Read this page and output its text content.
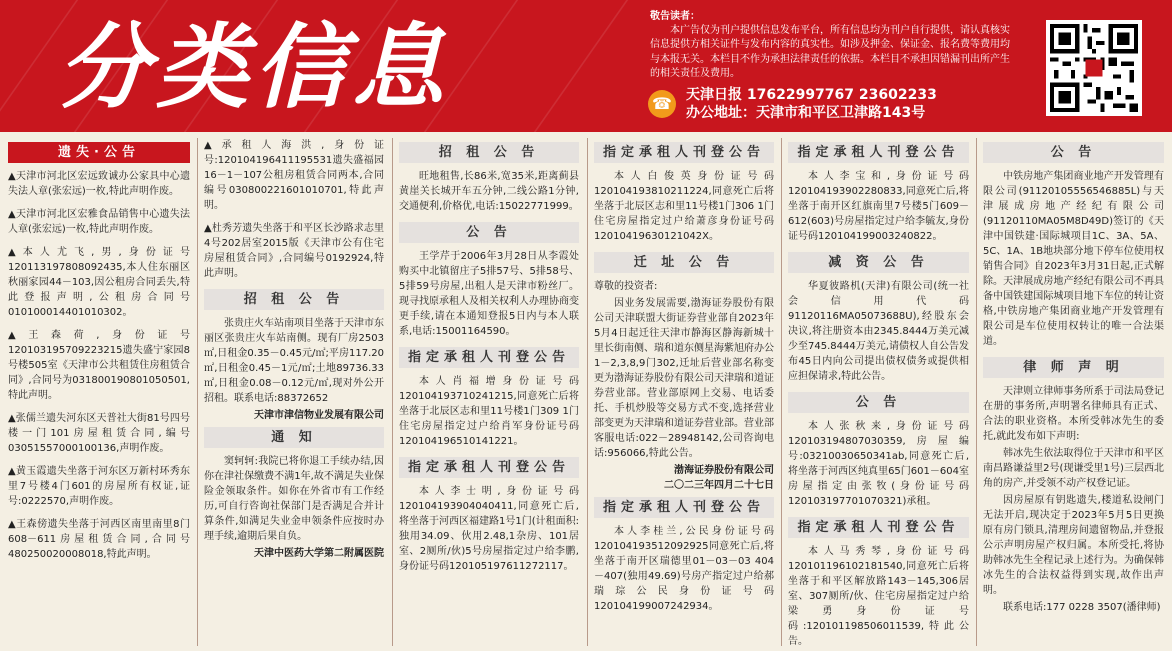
分类信息	敬告读者：
本广告仅为刊户提供信息发布平台，所有信息均为刊户自行提供，请认真核实信息提供方相关证件与发布内容的真实性。如涉及押金、保证金、报名费等费用均与本报无关。本栏目不作为承担法律责任的依据。本栏目不承担因错漏刊出所产生的相关责任及费用。
☎ 天津日报 17622997767 23602233
办公地址：天津市和平区卫津路143号
遗失·公告

▲天津市河北区宏远致诚办公家具中心遗失法人章(张宏远)一枚,特此声明作废。

▲天津市河北区宏雅食品销售中心遗失法人章(张宏远)一枚,特此声明作废。

▲本人尤飞,男,身份证号120113197808092435,本人住东丽区秋丽家园44－103,因公租房合同丢失,特此登报声明,公租房合同号01010001440101030​2。

▲王森荷,身份证号120103195709223215遗失盛宁家园8号楼505室《天津市公共租赁住房租赁合同》,合同号为031800190801050501,特此声明。

▲张儒兰遗失河东区天普社大街81号四号楼一门101房屋租赁合同,编号03051557000100136,声明作废。

▲黄玉霞遗失坐落于河东区万新村环秀东里7号楼4门601的房屋所有权证,证号:0222570,声明作废。

▲王森傍遗失坐落于河西区南里南里8门608－611房屋租赁合同,合同号48025002000​8018,特此声明。

▲承租人海洪,身份证号:120104196411195531遗失盛福园16－1－107公租房租赁合同两本,合同编号030800221601010701,特此声明。

▲杜秀芳遗失坐落于和平区长沙路求志里4号202居室2015版《天津市公有住宅房屋租赁合同》,合同编号0192924,特此声明。

招 租 公 告

张贵庄火车站南项目坐落于天津市东丽区张贵庄火车站南侧。现有厂房2503㎡,日租金0.35－0.45元/㎡;平房117.20㎡,日租金0.45－1元/㎡;土地89736.33㎡,日租金0.08－0.12元/㎡,现对外公开招租。联系电话:88372652

天津市津信物业发展有限公司

通 知

窦轲轲:我院已将你退工手续办结,因你在津社保缴费不满1年,故不满足失业保险金领取条件。如你在外省市有工作经历,可自行咨询社保部门是否满足合并计算条件,如满足失业金申领条件应按时办理手续,逾期后果自负。

天津中医药大学第二附属医院

招 租 公 告

旺地租售,长86米,宽35米,距离蓟县黄崖关长城开车五分钟,二线公路1分钟,交通便利,价格优,电话:15022771999。

公 告

王学芹于2006年3月28日从李霞处购买中北镇留庄子5排57号、5排58号、5排59号房屋,出租人是天津市粉丝厂。现寻找原承租人及相关权利人办理协商变更手续,请在本通知登报5日内与本人联系,电话:15001164590。

指定承租人刊登公告

本人肖福增身份证号码120104193710241215,同意死亡后将坐落于北辰区志和里11号楼1门309 1门住宅房屋指定过户给肖军身份证号码120104196510141221。

指定承租人刊登公告

本人李士明,身份证号码120104193904040411,同意死亡后,将坐落于河西区福建路1号1门(计租面积:独用34.09、伙用2.48,1杂房、101居室、2厕所/伙)5号房屋指定过户给李鹏,身份证号码120105197611272117。

指定承租人刊登公告

本人白俊英身份证号码120104193810211224,同意死亡后将坐落于北辰区志和里11号楼1门306 1门住宅房屋指定过户给萧彦身份证号码120104196301210​42X。

迁 址 公 告

尊敬的投资者:

因业务发展需要,渤海证券股份有限公司天津联盟大街证券营业部自2023年5月4日起迁往天津市静海区静海新城十里长街南侧、瑞和道东侧星海紫旭府办公1－2,3,8,9门302,迁址后营业部名称变更为渤海证券股份有限公司天津瑞和道证券营业部。营业部原网上交易、电话委托、手机炒股等交易方式不变,选择营业部变更为天津瑞和道证券营业部。营业部客服电话:022－28948142,公司咨询电话:956066,特此公告。

渤海证券股份有限公司

二〇二三年四月二十七日

指定承租人刊登公告

本人李桂兰,公民身份证号码120104193512092925同意死亡后,将坐落于南开区瑞德里01－03－03 404－407(独用49.69)号房产指定过户给郝瑞琮公民身份证号码120104199007242934。

指定承租人刊登公告

本人李宝和,身份证号码120104193902280833,同意死亡后,将坐落于南开区红旗南里7号楼5门609－612(603)号房屋指定过户给李毓友,身份证号码120104199003240822。

减 资 公 告

华夏彼路机(天津)有限公司(统一社会信用代码91120116MA05073688U),经股东会决议,将注册资本由2345.8444万美元减少至745.8444万美元,请债权人自公告发布45日内向公司提出债权债务或提供相应担保请求,特此公告。

公 告

本人张秋来,身份证号码120103194807030359,房屋编号:03210030650341ab,同意死亡后,将坐落于河西区纯真里65门601－604室房屋指定由张牧(身份证号码120103197701070321)承租。

指定承租人刊登公告

本人马秀琴,身份证号码120101196102181540,同意死亡后将坐落于和平区解放路143－145,306居室、307厕所/伙、住宅房屋指定过户给梁勇身份证号码:120101198506011539,特此公告。

公 告

中铁房地产集团商业地产开发管理有限公司(91120105556546885L)与天津展成房地产经纪有限公司(91120110MA05M8D49D)签订的《天津中国铁建·国际城项目1C、3A、5A、5C、1A、1B地块部分地下停车位使用权销售合同》自2023年3月31日起,正式解除。天津展成房地产经纪有限公司不再具备中国铁建国际城项目地下车位的转让资格,中铁房地产集团商业地产开发管理有限公司是车位使用权转让的唯一合法渠道。

律 师 声 明

天津则立律师事务所系于司法局登记在册的事务所,声明署名律师具有正式、合法的职业资格。本所受韩冰先生的委托,就此发布如下声明:

韩冰先生依法取得位于天津市和平区南昌路谦益里2号(现谦受里1号)三层西北角的房产,并受领不动产权登记证。

因房屋原有钥匙遗失,楼道私设闸门无法开启,现决定于2023年5月5日更换原有房门锁具,清理房间遗留物品,并登报公示声明房屋产权归属。本所受托,将协助韩冰先生全程记录上述行为。为确保韩冰先生的合法权益得到实现,故作出声明。

联系电话:177 0228 3507(潘律师)
